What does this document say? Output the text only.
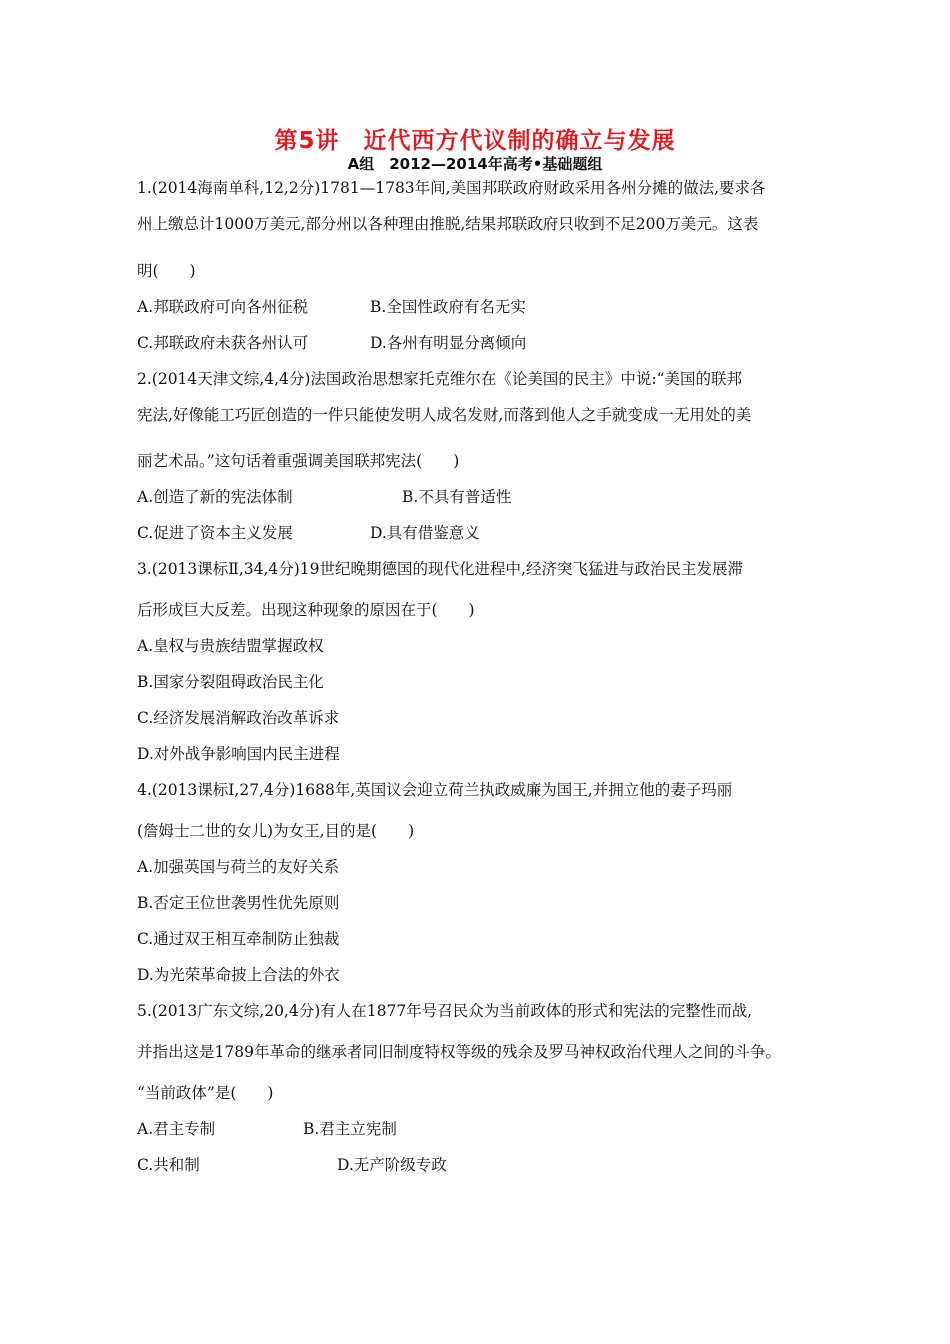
第5讲　近代西方代议制的确立与发展
A组　2012—2014年高考•基础题组
1.(2014海南单科,12,2分)1781—1783年间,美国邦联政府财政采用各州分摊的做法,要求各
州上缴总计1000万美元,部分州以各种理由推脱,结果邦联政府只收到不足200万美元。这表
明(　　)
A.邦联政府可向各州征税	B.全国性政府有名无实
C.邦联政府未获各州认可	D.各州有明显分离倾向
2.(2014天津文综,4,4分)法国政治思想家托克维尔在《论美国的民主》中说:“美国的联邦
宪法,好像能工巧匠创造的一件只能使发明人成名发财,而落到他人之手就变成一无用处的美
丽艺术品。”这句话着重强调美国联邦宪法(　　)
A.创造了新的宪法体制	B.不具有普适性
C.促进了资本主义发展	D.具有借鉴意义
3.(2013课标Ⅱ,34,4分)19世纪晚期德国的现代化进程中,经济突飞猛进与政治民主发展滞
后形成巨大反差。出现这种现象的原因在于(　　)
A.皇权与贵族结盟掌握政权
B.国家分裂阻碍政治民主化
C.经济发展消解政治改革诉求
D.对外战争影响国内民主进程
4.(2013课标Ⅰ,27,4分)1688年,英国议会迎立荷兰执政威廉为国王,并拥立他的妻子玛丽
(詹姆士二世的女儿)为女王,目的是(　　)
A.加强英国与荷兰的友好关系
B.否定王位世袭男性优先原则
C.通过双王相互牵制防止独裁
D.为光荣革命披上合法的外衣
5.(2013广东文综,20,4分)有人在1877年号召民众为当前政体的形式和宪法的完整性而战,
并指出这是1789年革命的继承者同旧制度特权等级的残余及罗马神权政治代理人之间的斗争。
“当前政体”是(　　)
A.君主专制	B.君主立宪制
C.共和制	D.无产阶级专政
